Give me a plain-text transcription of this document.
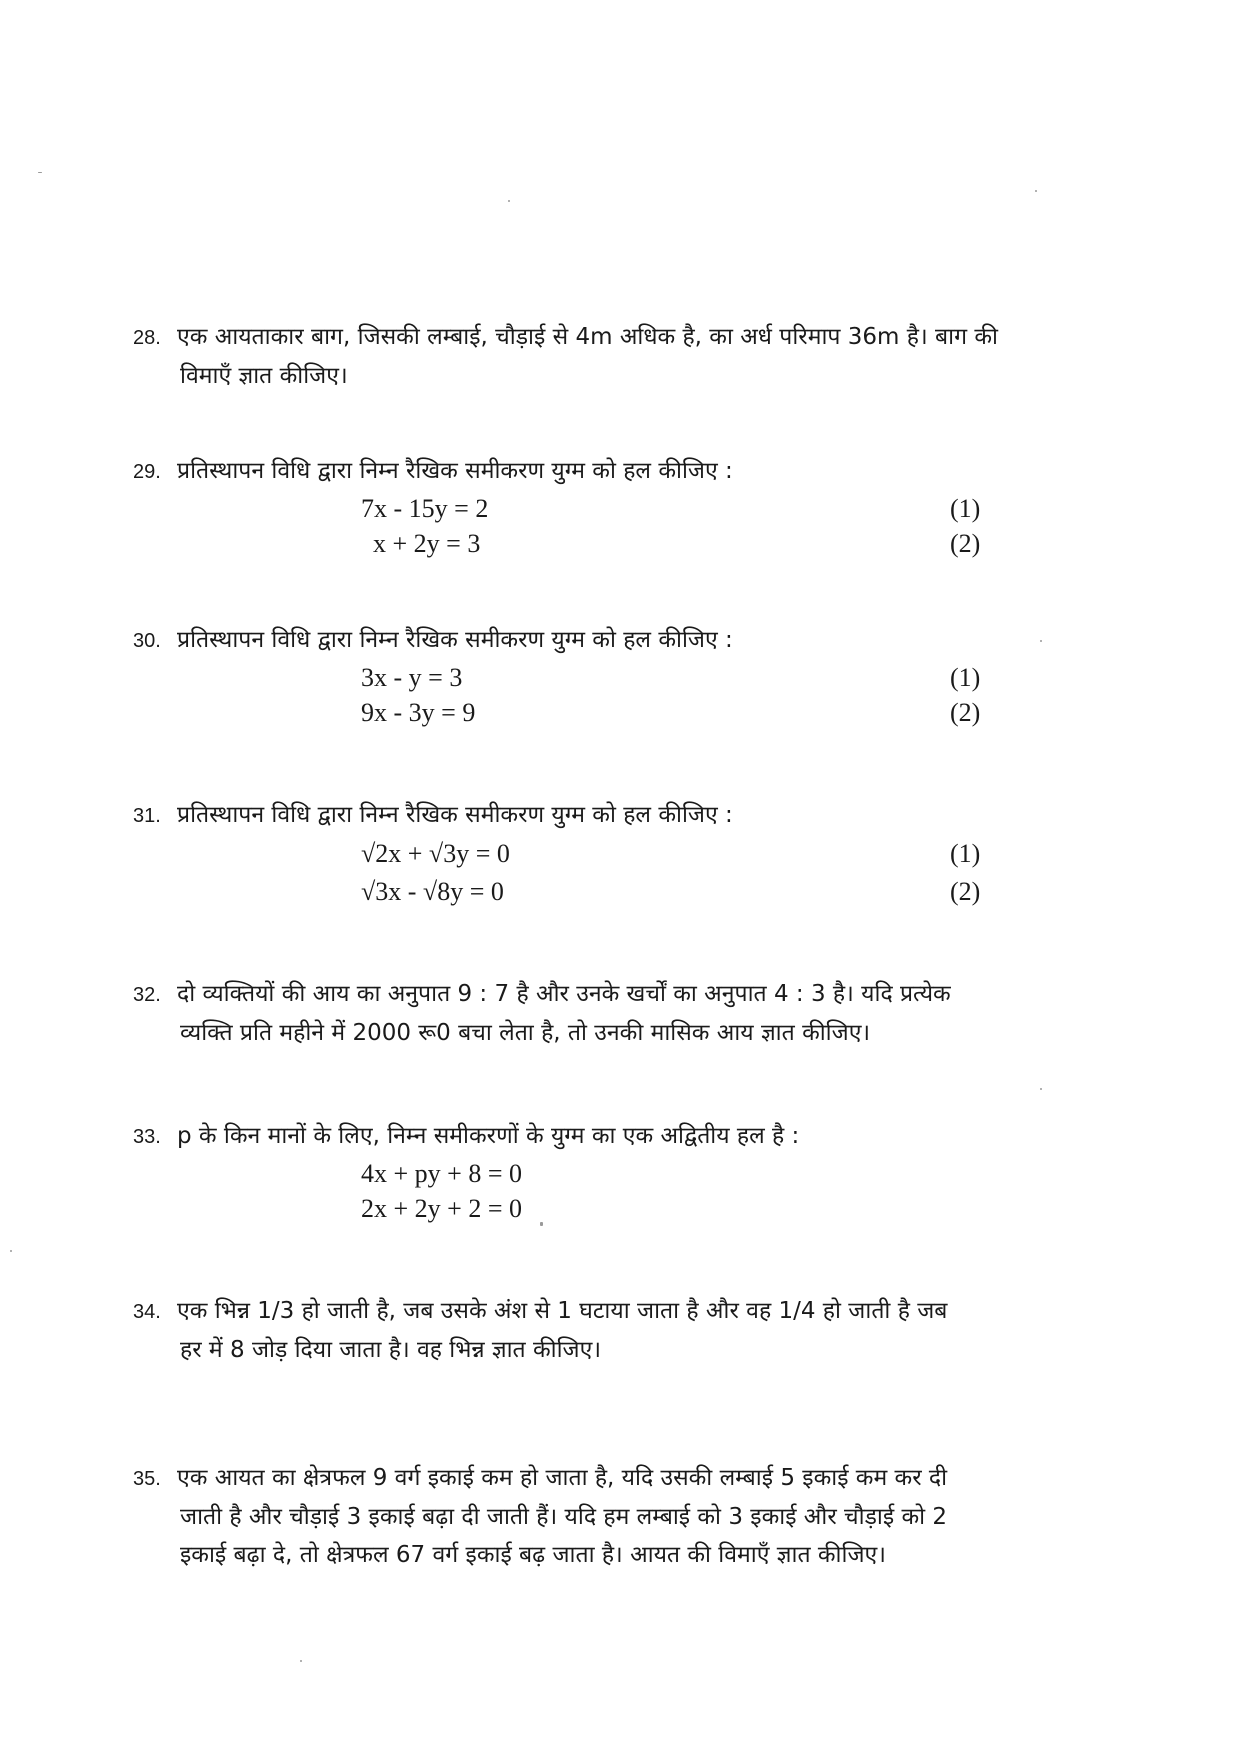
28. एक आयताकार बाग, जिसकी लम्बाई, चौड़ाई से 4m अधिक है, का अर्ध परिमाप 36m है। बाग की
विमाएँ ज्ञात कीजिए।
29. प्रतिस्थापन विधि द्वारा निम्न रैखिक समीकरण युग्म को हल कीजिए :
7x - 15y = 2	(1)
x + 2y = 3	(2)
30. प्रतिस्थापन विधि द्वारा निम्न रैखिक समीकरण युग्म को हल कीजिए :
3x - y = 3	(1)
9x - 3y = 9	(2)
31. प्रतिस्थापन विधि द्वारा निम्न रैखिक समीकरण युग्म को हल कीजिए :
√2x + √3y = 0	(1)
√3x - √8y = 0	(2)
32. दो व्यक्तियों की आय का अनुपात 9 : 7 है और उनके खर्चों का अनुपात 4 : 3 है। यदि प्रत्येक
व्यक्ति प्रति महीने में 2000 रू0 बचा लेता है, तो उनकी मासिक आय ज्ञात कीजिए।
33. p के किन मानों के लिए, निम्न समीकरणों के युग्म का एक अद्वितीय हल है :
4x + py + 8 = 0
2x + 2y + 2 = 0
34. एक भिन्न 1/3 हो जाती है, जब उसके अंश से 1 घटाया जाता है और वह 1/4 हो जाती है जब
हर में 8 जोड़ दिया जाता है। वह भिन्न ज्ञात कीजिए।
35. एक आयत का क्षेत्रफल 9 वर्ग इकाई कम हो जाता है, यदि उसकी लम्बाई 5 इकाई कम कर दी
जाती है और चौड़ाई 3 इकाई बढ़ा दी जाती हैं। यदि हम लम्बाई को 3 इकाई और चौड़ाई को 2
इकाई बढ़ा दे, तो क्षेत्रफल 67 वर्ग इकाई बढ़ जाता है। आयत की विमाएँ ज्ञात कीजिए।
